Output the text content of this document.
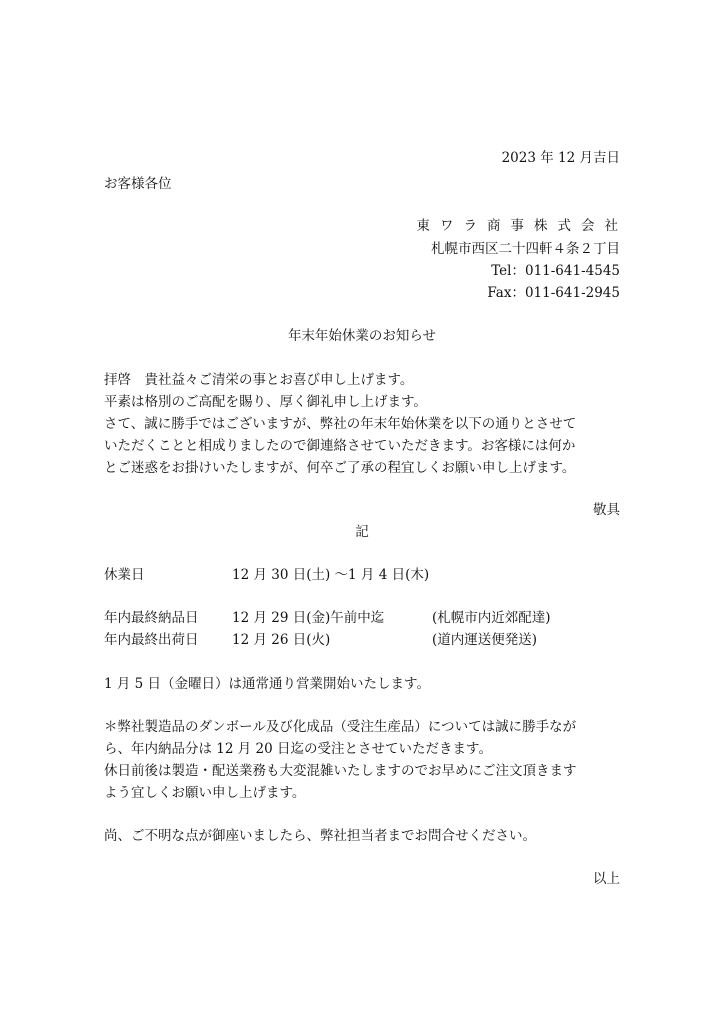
2023 年 12 月吉日
お客様各位
東ワラ商事株式会社
札幌市西区二十四軒４条２丁目
Tel：011-641-4545
Fax：011-641-2945
年末年始休業のお知らせ
拝啓　貴社益々ご清栄の事とお喜び申し上げます。
平素は格別のご高配を賜り、厚く御礼申し上げます。
さて、誠に勝手ではございますが、弊社の年末年始休業を以下の通りとさせて
いただくことと相成りましたので御連絡させていただきます。お客様には何か
とご迷惑をお掛けいたしますが、何卒ご了承の程宜しくお願い申し上げます。
敬具
記
休業日	12 月 30 日(土) ～1 月 4 日(木)
年内最終納品日 12 月 29 日(金)午前中迄	(札幌市内近郊配達)
年内最終出荷日 12 月 26 日(火)	(道内運送便発送)
1 月 5 日（金曜日）は通常通り営業開始いたします。
＊弊社製造品のダンボール及び化成品（受注生産品）については誠に勝手なが
ら、年内納品分は 12 月 20 日迄の受注とさせていただきます。
休日前後は製造・配送業務も大変混雑いたしますのでお早めにご注文頂きます
よう宜しくお願い申し上げます。
尚、ご不明な点が御座いましたら、弊社担当者までお問合せください。
以上
